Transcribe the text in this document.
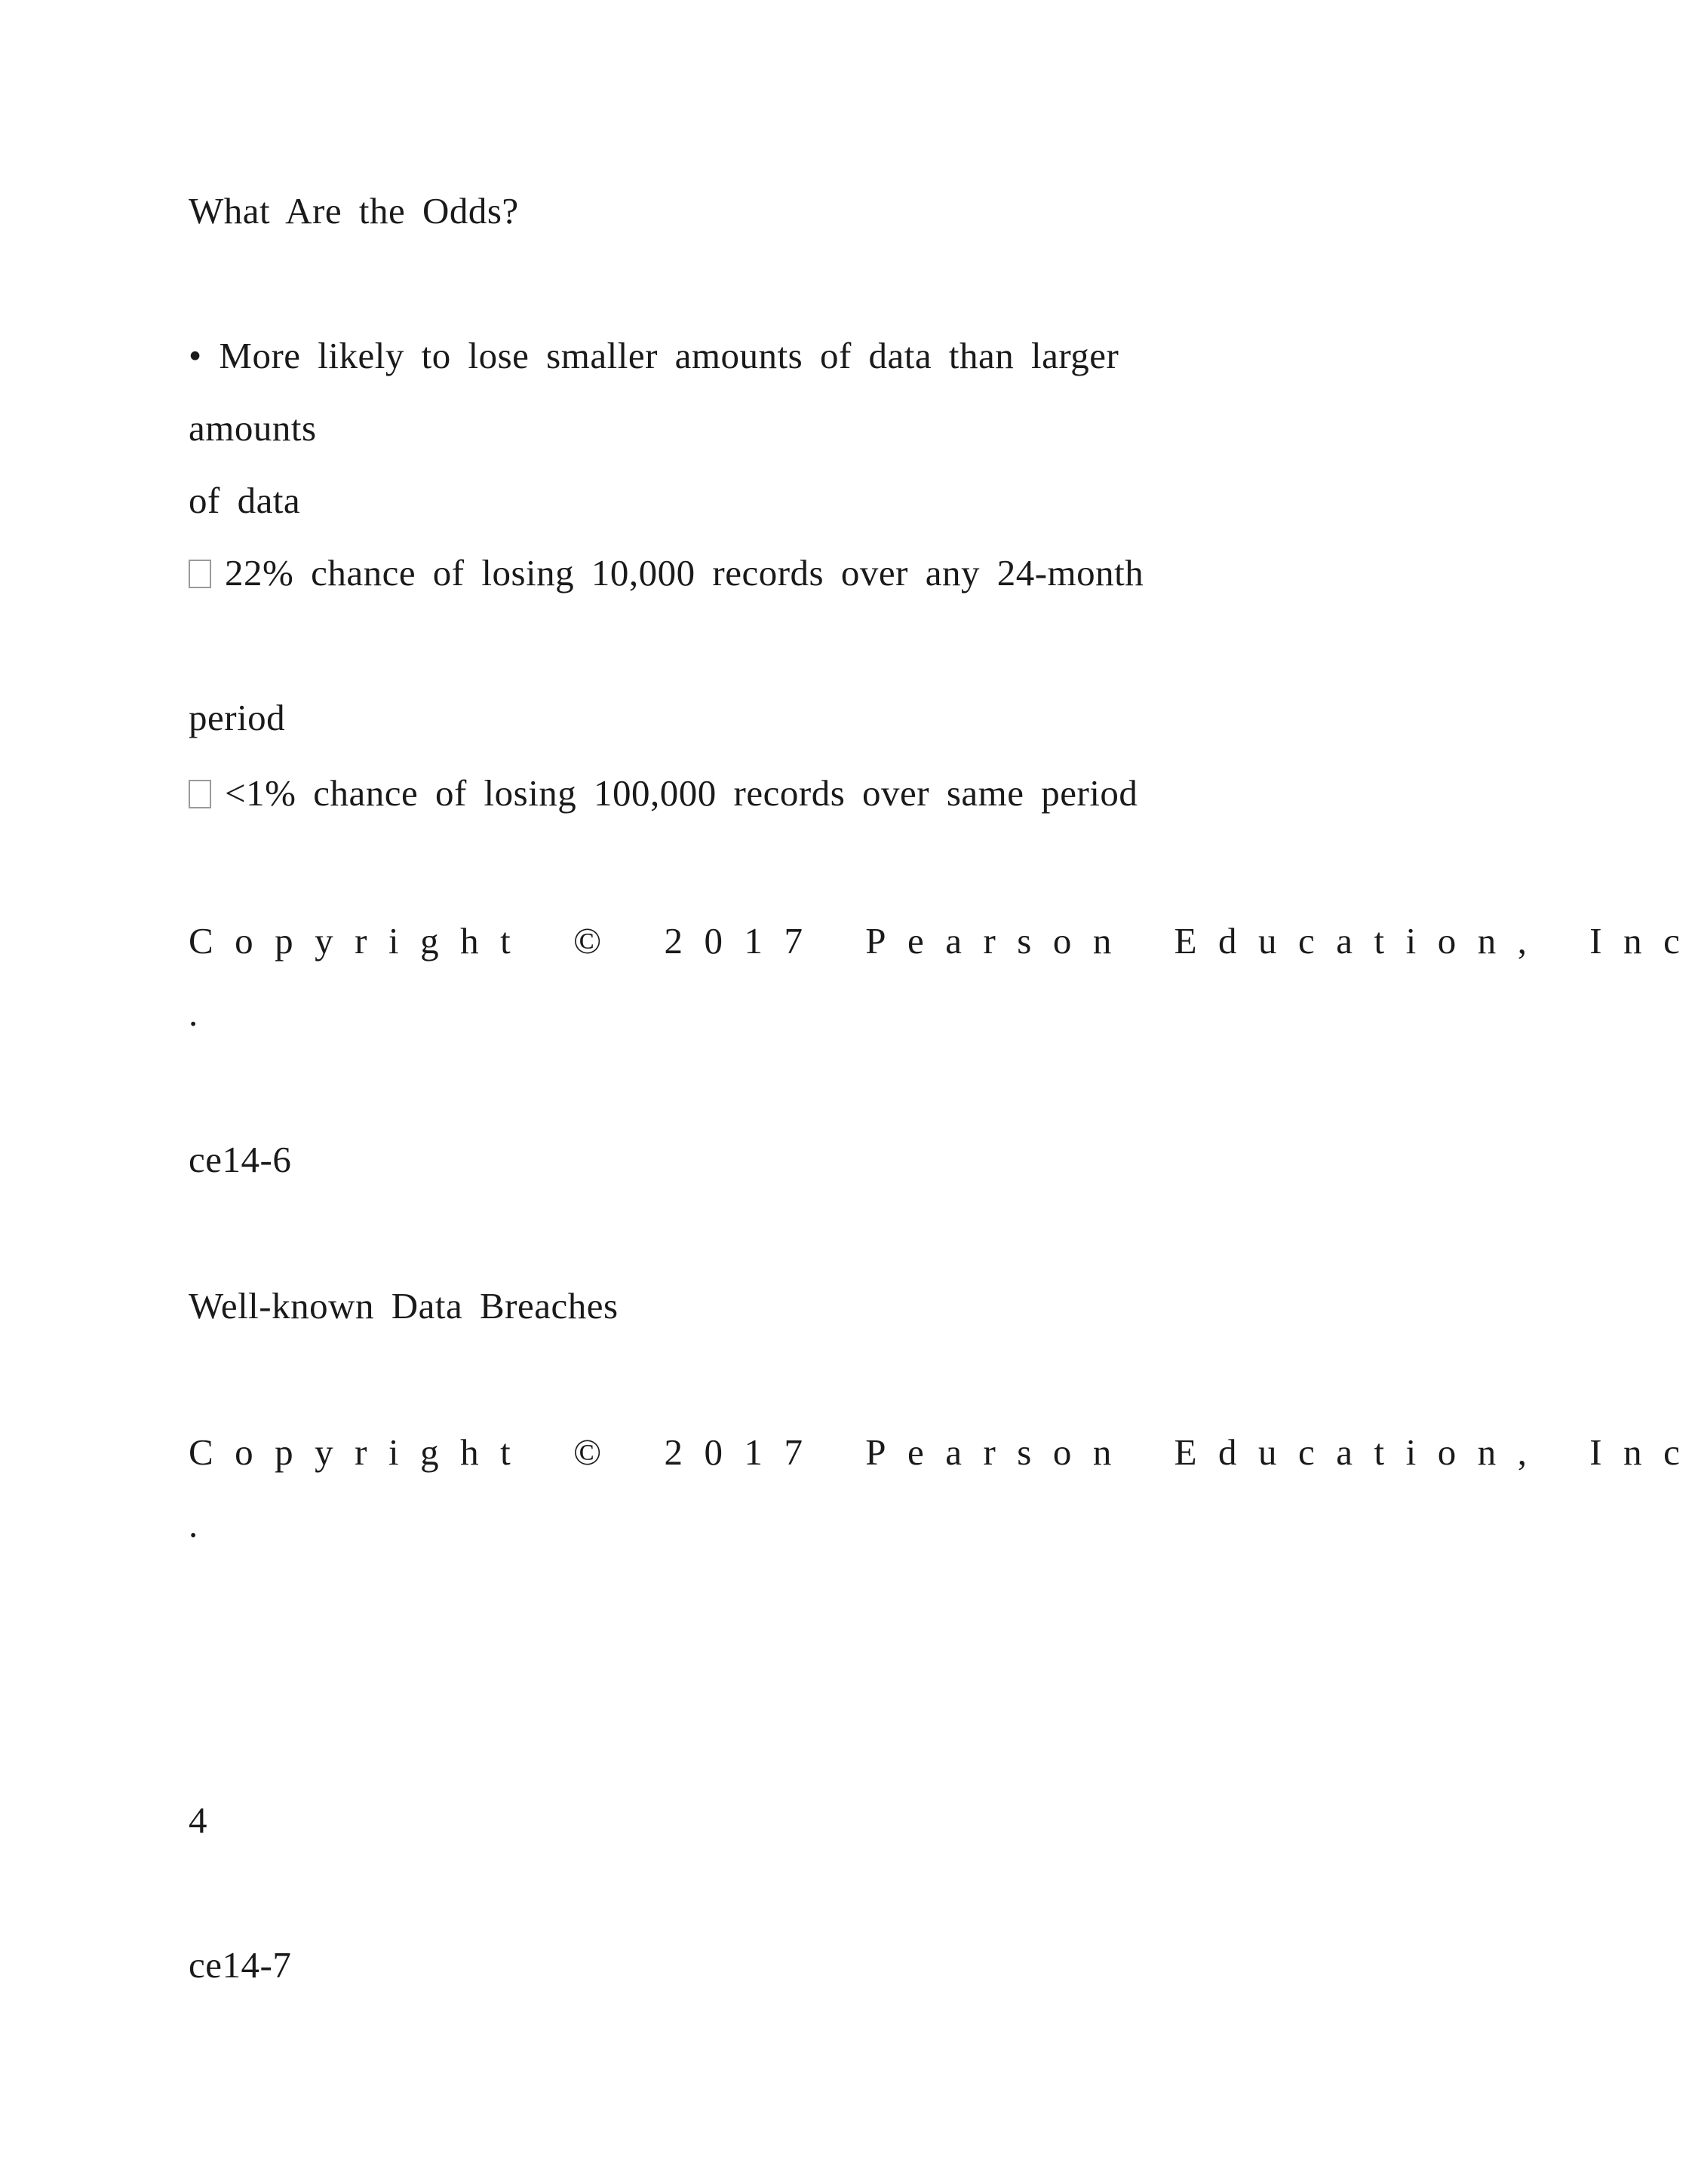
What Are the Odds?
• More likely to lose smaller amounts of data than larger
amounts
of data
22% chance of losing 10,000 records over any 24-month
period
<1% chance of losing 100,000 records over same period
Copyright © 2017 Pearson Education, Inc
.
ce14-6
Well-known Data Breaches
Copyright © 2017 Pearson Education, Inc
.
4
ce14-7
